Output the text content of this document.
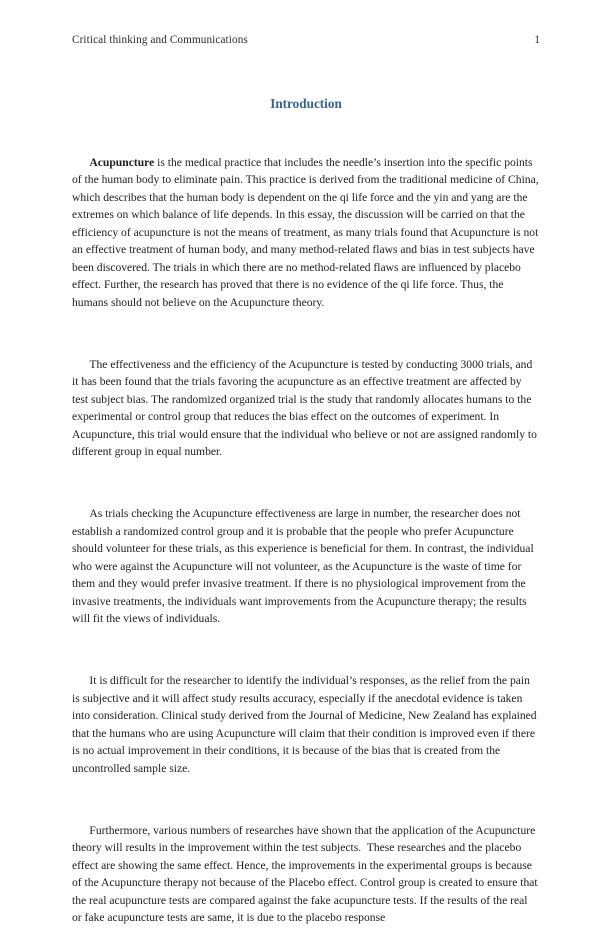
Critical thinking and Communications	1
Introduction

Acupuncture is the medical practice that includes the needle’s insertion into the specific points of the human body to eliminate pain. This practice is derived from the traditional medicine of China, which describes that the human body is dependent on the qi life force and the yin and yang are the extremes on which balance of life depends. In this essay, the discussion will be carried on that the efficiency of acupuncture is not the means of treatment, as many trials found that Acupuncture is not an effective treatment of human body, and many method-related flaws and bias in test subjects have been discovered. The trials in which there are no method-related flaws are influenced by placebo effect. Further, the research has proved that there is no evidence of the qi life force. Thus, the humans should not believe on the Acupuncture theory.

The effectiveness and the efficiency of the Acupuncture is tested by conducting 3000 trials, and it has been found that the trials favoring the acupuncture as an effective treatment are affected by test subject bias. The randomized organized trial is the study that randomly allocates humans to the experimental or control group that reduces the bias effect on the outcomes of experiment. In Acupuncture, this trial would ensure that the individual who believe or not are assigned randomly to different group in equal number.

As trials checking the Acupuncture effectiveness are large in number, the researcher does not establish a randomized control group and it is probable that the people who prefer Acupuncture should volunteer for these trials, as this experience is beneficial for them. In contrast, the individual who were against the Acupuncture will not volunteer, as the Acupuncture is the waste of time for them and they would prefer invasive treatment. If there is no physiological improvement from the invasive treatments, the individuals want improvements from the Acupuncture therapy; the results will fit the views of individuals.

It is difficult for the researcher to identify the individual’s responses, as the relief from the pain is subjective and it will affect study results accuracy, especially if the anecdotal evidence is taken into consideration. Clinical study derived from the Journal of Medicine, New Zealand has explained that the humans who are using Acupuncture will claim that their condition is improved even if there is no actual improvement in their conditions, it is because of the bias that is created from the uncontrolled sample size.

Furthermore, various numbers of researches have shown that the application of the Acupuncture theory will results in the improvement within the test subjects.  These researches and the placebo effect are showing the same effect. Hence, the improvements in the experimental groups is because of the Acupuncture therapy not because of the Placebo effect. Control group is created to ensure that the real acupuncture tests are compared against the fake acupuncture tests. If the results of the real or fake acupuncture tests are same, it is due to the placebo response
